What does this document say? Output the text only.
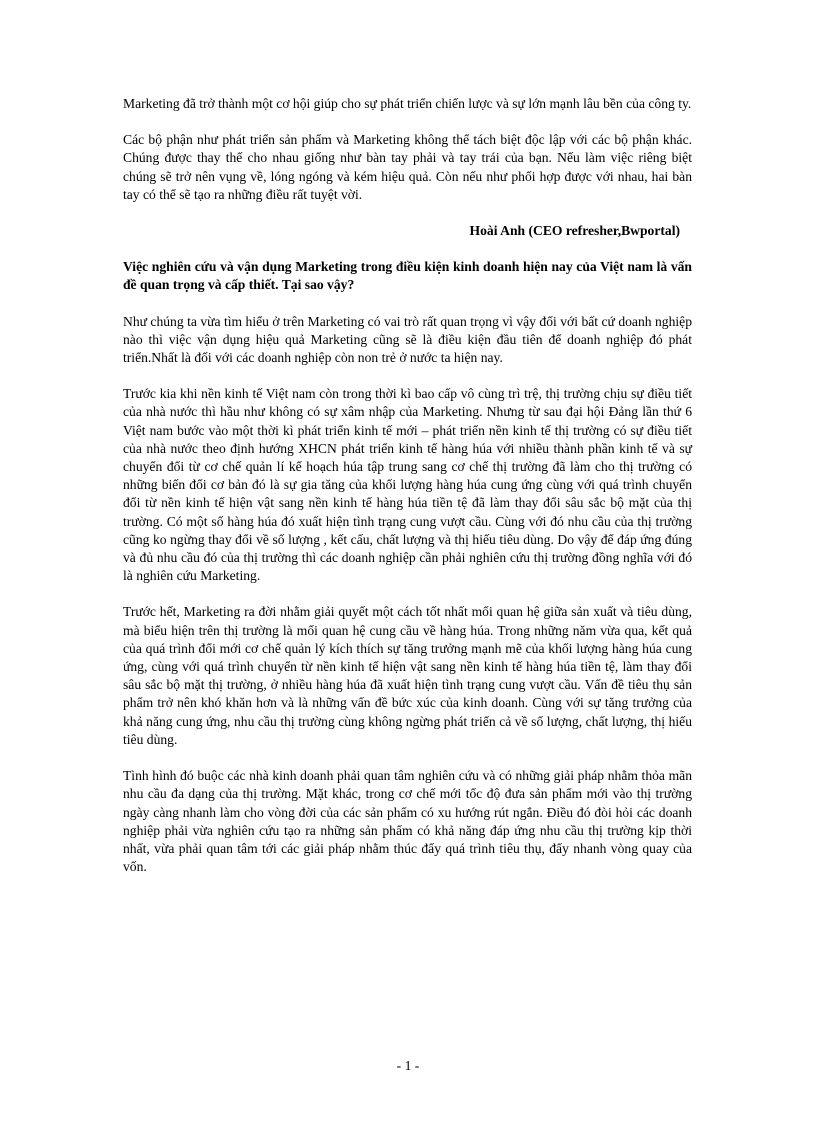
Marketing đã trở thành một cơ hội giúp cho sự phát triển chiến lược và sự lớn mạnh lâu bền của công ty.

Các bộ phận như phát triển sản phẩm và Marketing không thể tách biệt độc lập với các bộ phận khác. Chúng được thay thế cho nhau giống như bàn tay phải và tay trái của bạn. Nếu làm việc riêng biệt chúng sẽ trở nên vụng về, lóng ngóng và kém hiệu quả. Còn nếu như phối hợp được với nhau, hai bàn tay có thể sẽ tạo ra những điều rất tuyệt vời.

Hoài Anh (CEO refresher,Bwportal)

Việc nghiên cứu và vận dụng Marketing trong điều kiện kinh doanh hiện nay của Việt nam là vấn đề quan trọng và cấp thiết. Tại sao vậy?

Như chúng ta vừa tìm hiểu ở trên Marketing có vai trò rất quan trọng vì vậy đối với bất cứ doanh nghiệp nào thì việc vận dụng hiệu quả Marketing cũng sẽ là điều kiện đầu tiên để doanh nghiệp đó phát triển.Nhất là đối với các doanh nghiệp còn non trẻ ở nước ta hiện nay.

Trước kia khi nền kinh tế Việt nam còn trong thời kì bao cấp vô cùng trì trệ, thị trường chịu sự điều tiết của nhà nước thì hầu như không có sự xâm nhập của Marketing. Nhưng từ sau đại hội Đảng lần thứ 6 Việt nam bước vào một thời kì phát triển kinh tế mới – phát triển nền kinh tế thị trường có sự điều tiết của nhà nước theo định hướng XHCN phát triển kinh tế hàng húa với nhiều thành phần kinh tế và sự chuyển đổi từ cơ chế quản lí kế hoạch húa tập trung sang cơ chế thị trường đã làm cho thị trường có những biến đổi cơ bản đó là sự gia tăng của khối lượng hàng húa cung ứng cùng với quá trình chuyển đổi từ nền kinh tế hiện vật sang nền kinh tế hàng húa tiền tệ đã làm thay đổi sâu sắc bộ mặt của thị trường. Có một số hàng húa đó xuất hiện tình trạng cung vượt cầu. Cùng với đó nhu cầu của thị trường cũng ko ngừng thay đổi về số lượng , kết cấu, chất lượng và thị hiếu tiêu dùng. Do vậy để đáp ứng đúng và đủ nhu cầu đó của thị trường thì các doanh nghiệp cần phải nghiên cứu thị trường đồng nghĩa với đó là nghiên cứu Marketing.

Trước hết, Marketing ra đời nhằm giải quyết một cách tốt nhất mối quan hệ giữa sản xuất và tiêu dùng, mà biểu hiện trên thị trường là mối quan hệ cung cầu về hàng húa. Trong những năm vừa qua, kết quả của quá trình đổi mới cơ chế quản lý kích thích sự tăng trưởng mạnh mẽ của khối lượng hàng húa cung ứng, cùng với quá trình chuyển từ nền kinh tế hiện vật sang nền kinh tế hàng húa tiền tệ, làm thay đổi sâu sắc bộ mặt thị trường, ở nhiều hàng húa đã xuất hiện tình trạng cung vượt cầu. Vấn đề tiêu thụ sản phẩm trở nên khó khăn hơn và là những vấn đề bức xúc của kinh doanh. Cùng với sự tăng trưởng của khả năng cung ứng, nhu cầu thị trường cùng không ngừng phát triển cả về số lượng, chất lượng, thị hiếu tiêu dùng.

Tình hình đó buộc các nhà kinh doanh phải quan tâm nghiên cứu và có những giải pháp nhằm thỏa mãn nhu cầu đa dạng của thị trường. Mặt khác, trong cơ chế mới tốc độ đưa sản phẩm mới vào thị trường ngày càng nhanh làm cho vòng đời của các sản phẩm có xu hướng rút ngắn. Điều đó đòi hỏi các doanh nghiệp phải vừa nghiên cứu tạo ra những sản phẩm có khả năng đáp ứng nhu cầu thị trường kịp thời nhất, vừa phải quan tâm tới các giải pháp nhằm thúc đẩy quá trình tiêu thụ, đẩy nhanh vòng quay của vốn.

- 1 -
